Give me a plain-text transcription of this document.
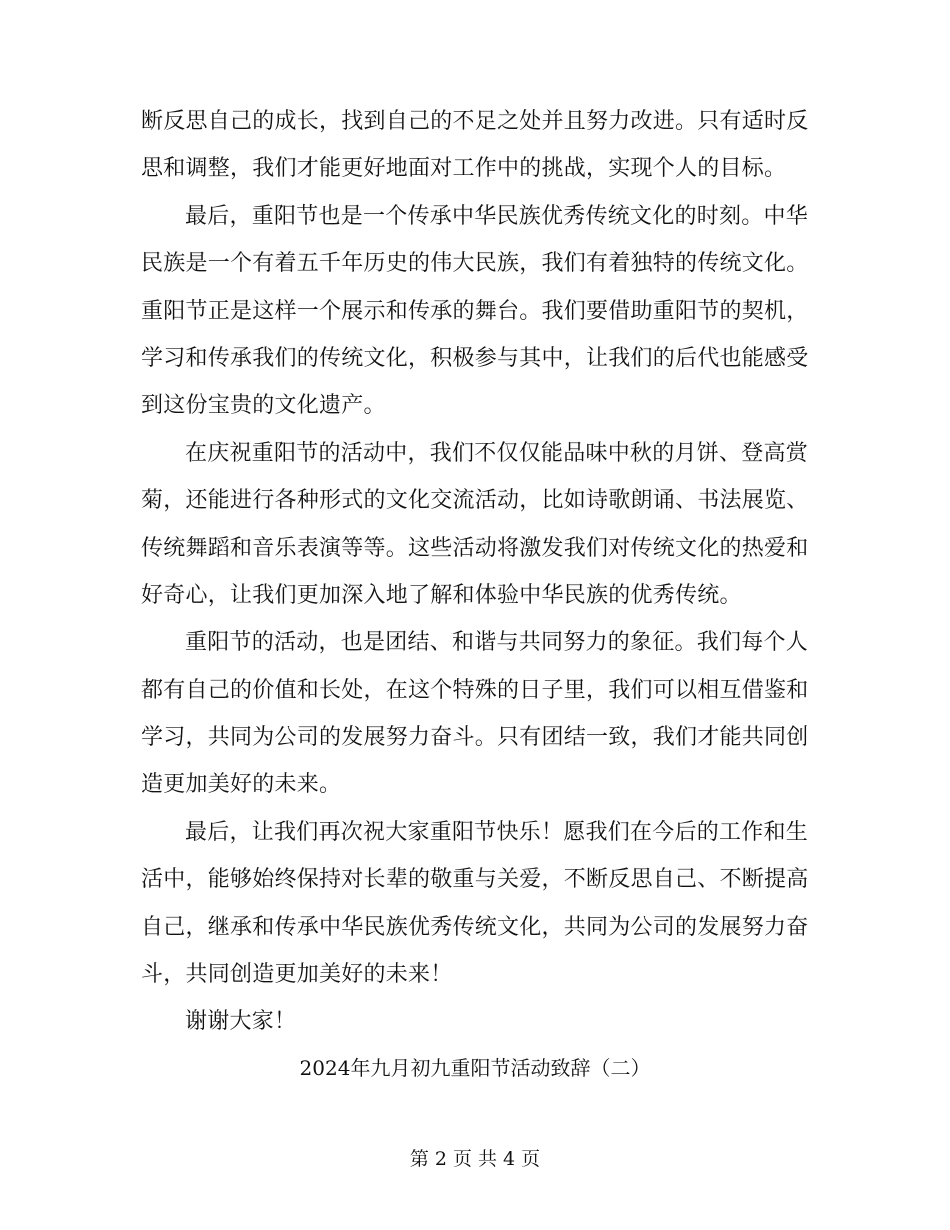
断反思自己的成长，找到自己的不足之处并且努力改进。只有适时反
思和调整，我们才能更好地面对工作中的挑战，实现个人的目标。
最后，重阳节也是一个传承中华民族优秀传统文化的时刻。中华
民族是一个有着五千年历史的伟大民族，我们有着独特的传统文化。
重阳节正是这样一个展示和传承的舞台。我们要借助重阳节的契机，
学习和传承我们的传统文化，积极参与其中，让我们的后代也能感受
到这份宝贵的文化遗产。
在庆祝重阳节的活动中，我们不仅仅能品味中秋的月饼、登高赏
菊，还能进行各种形式的文化交流活动，比如诗歌朗诵、书法展览、
传统舞蹈和音乐表演等等。这些活动将激发我们对传统文化的热爱和
好奇心，让我们更加深入地了解和体验中华民族的优秀传统。
重阳节的活动，也是团结、和谐与共同努力的象征。我们每个人
都有自己的价值和长处，在这个特殊的日子里，我们可以相互借鉴和
学习，共同为公司的发展努力奋斗。只有团结一致，我们才能共同创
造更加美好的未来。
最后，让我们再次祝大家重阳节快乐！愿我们在今后的工作和生
活中，能够始终保持对长辈的敬重与关爱，不断反思自己、不断提高
自己，继承和传承中华民族优秀传统文化，共同为公司的发展努力奋
斗，共同创造更加美好的未来！
谢谢大家！
2024年九月初九重阳节活动致辞（二）
第 2 页 共 4 页
